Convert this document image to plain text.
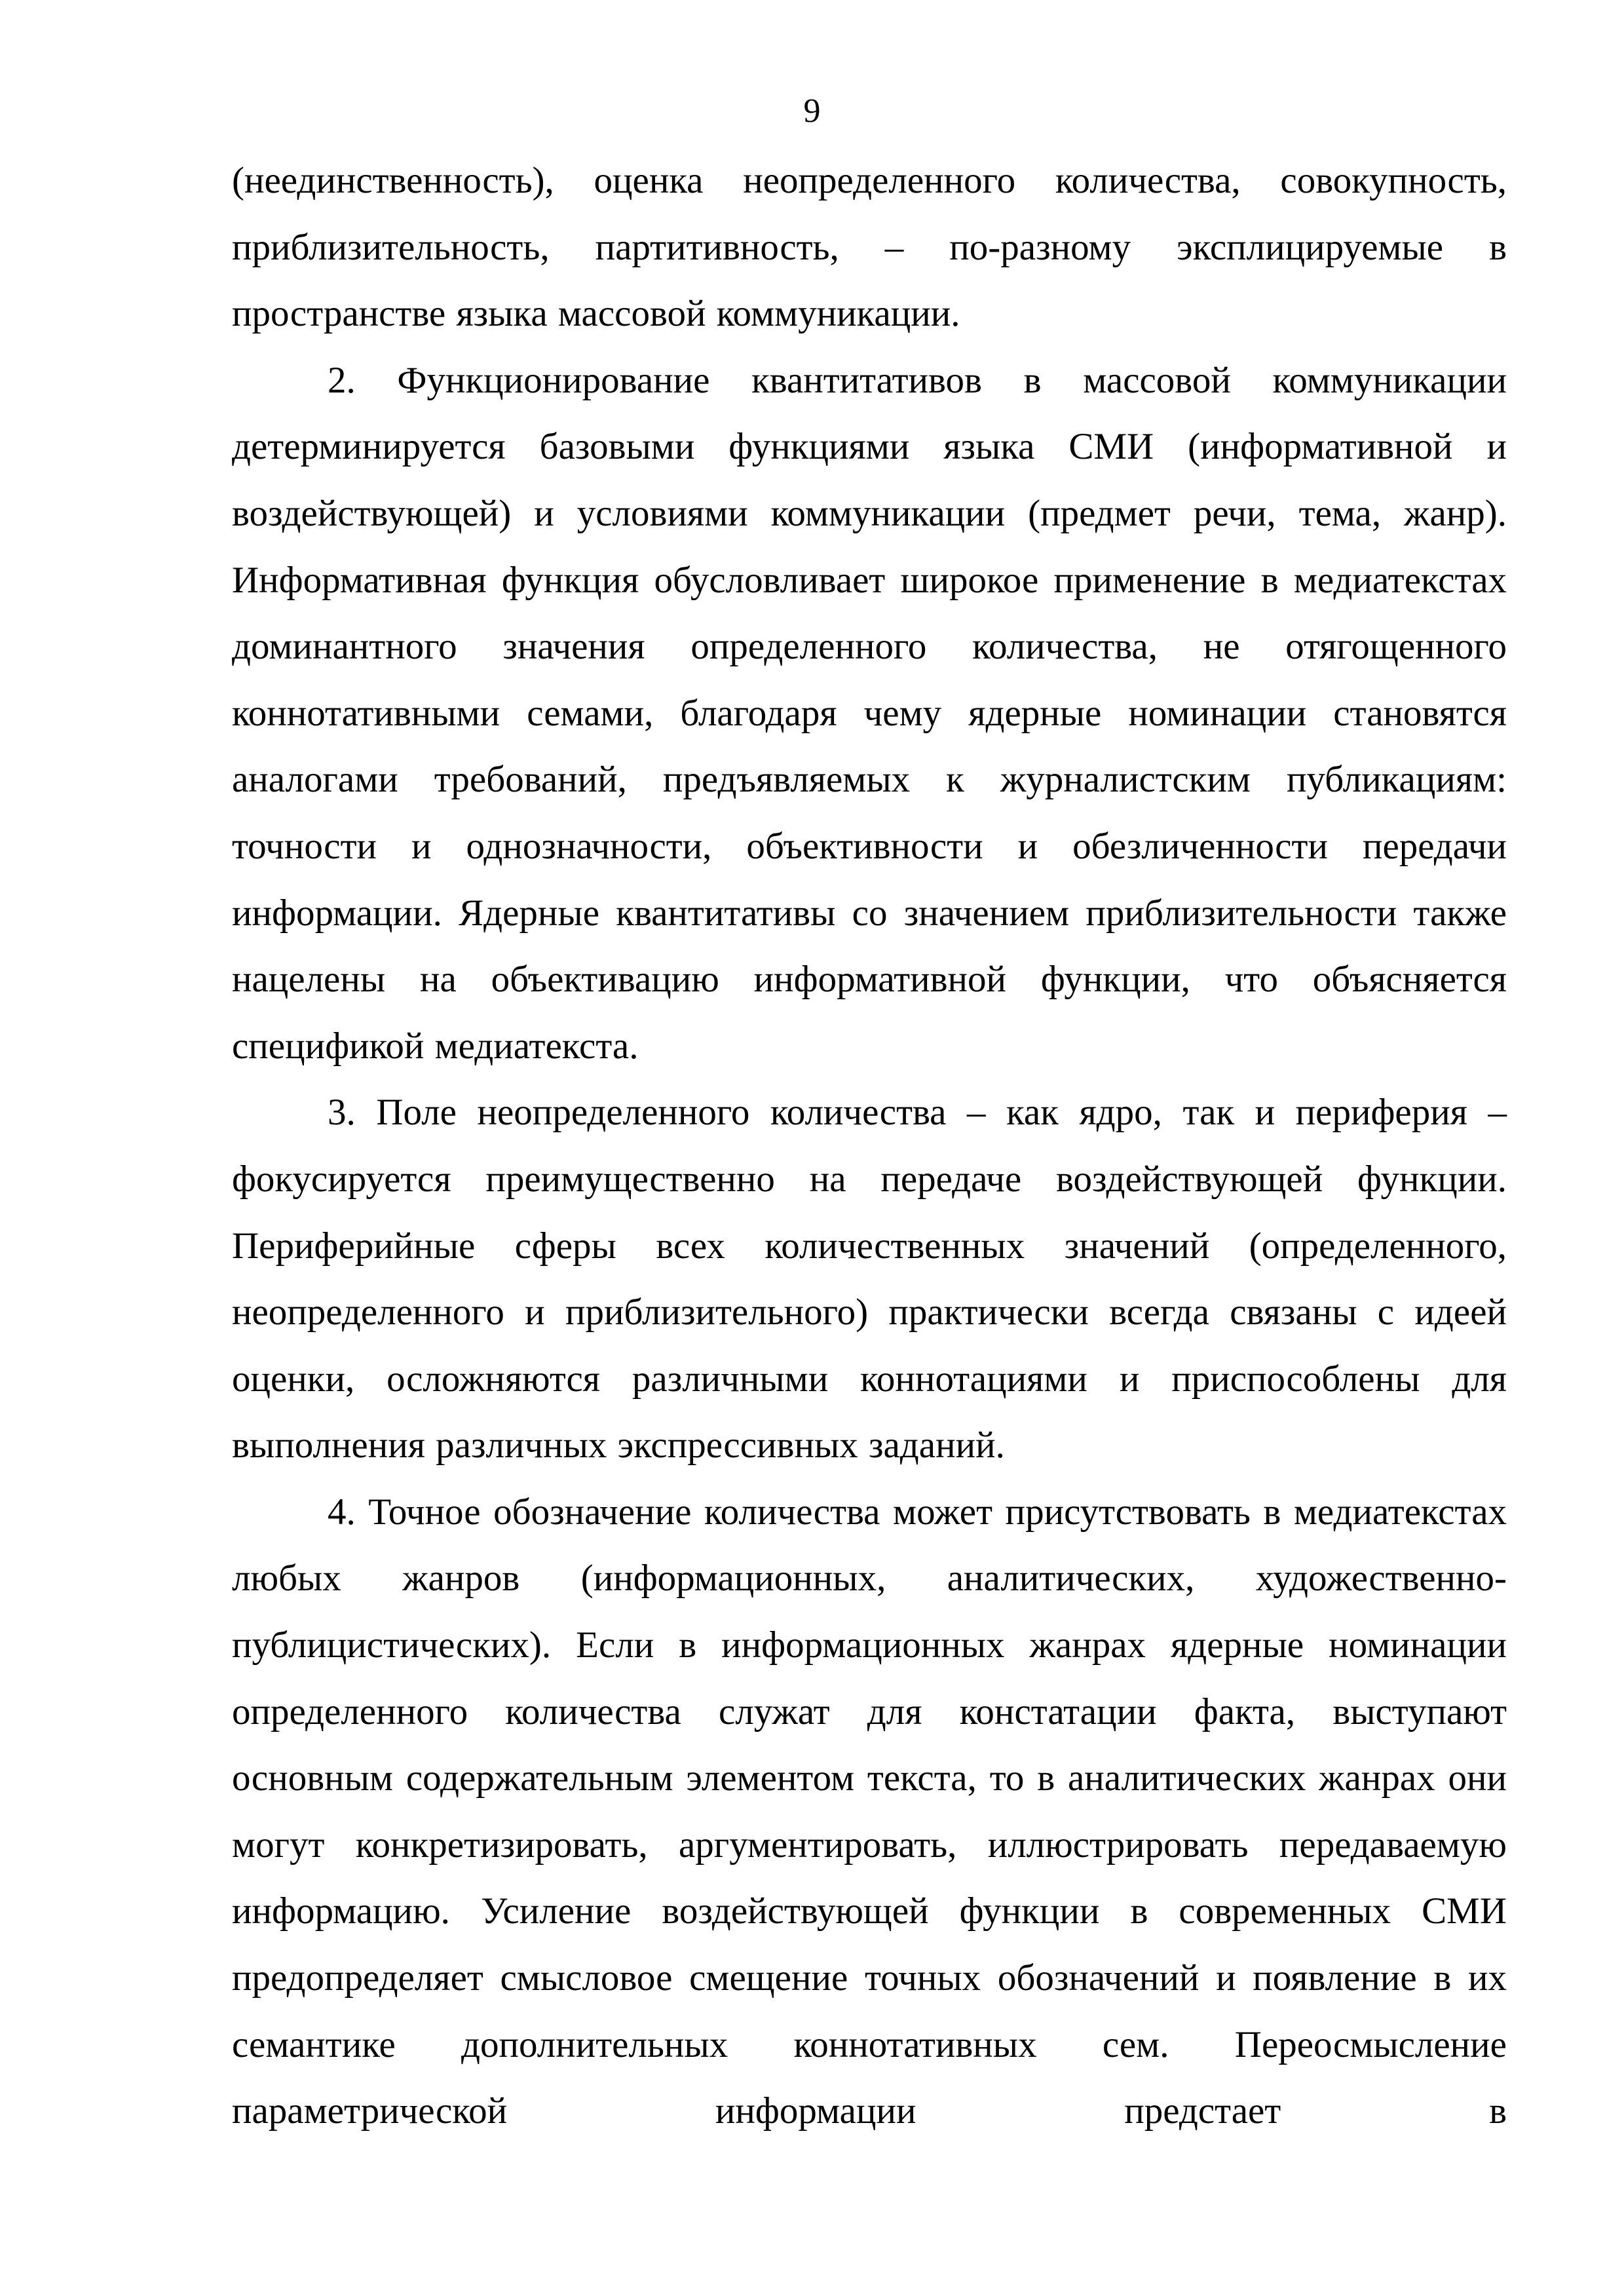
9

(неединственность), оценка неопределенного количества, совокупность, приблизительность, партитивность, – по-разному эксплицируемые в пространстве языка массовой коммуникации.

2. Функционирование квантитативов в массовой коммуникации детерминируется базовыми функциями языка СМИ (информативной и воздействующей) и условиями коммуникации (предмет речи, тема, жанр). Информативная функция обусловливает широкое применение в медиатекстах доминантного значения определенного количества, не отягощенного коннотативными семами, благодаря чему ядерные номинации становятся аналогами требований, предъявляемых к журналистским публикациям: точности и однозначности, объективности и обезличенности передачи информации. Ядерные квантитативы со значением приблизительности также нацелены на объективацию информативной функции, что объясняется спецификой медиатекста.

3. Поле неопределенного количества – как ядро, так и периферия – фокусируется преимущественно на передаче воздействующей функции. Периферийные сферы всех количественных значений (определенного, неопределенного и приблизительного) практически всегда связаны с идеей оценки, осложняются различными коннотациями и приспособлены для выполнения различных экспрессивных заданий.

4. Точное обозначение количества может присутствовать в медиатекстах любых жанров (информационных, аналитических, художественно-публицистических). Если в информационных жанрах ядерные номинации определенного количества служат для констатации факта, выступают основным содержательным элементом текста, то в аналитических жанрах они могут конкретизировать, аргументировать, иллюстрировать передаваемую информацию. Усиление воздействующей функции в современных СМИ предопределяет смысловое смещение точных обозначений и появление в их семантике дополнительных коннотативных сем. Переосмысление параметрической информации предстает в
